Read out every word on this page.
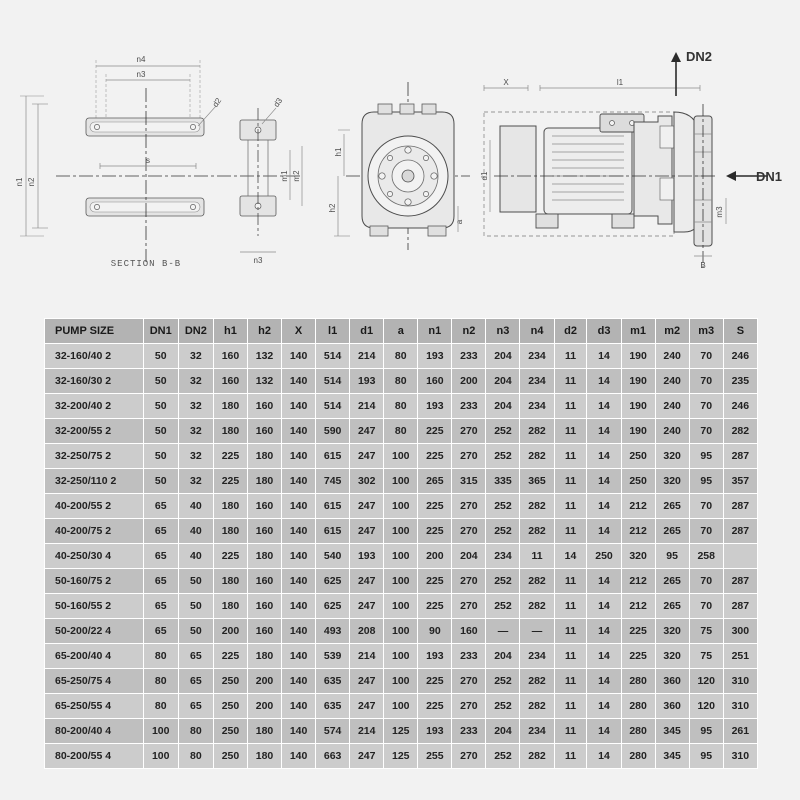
n4
n3
n1 n2
d2	d3
s
m1 m2
n3
SECTION B-B
h1
h2
a
X	l1
d1
m3
B
DN2
DN1
PUMP SIZE	DN1	DN2	h1	h2	X	l1	d1	a	n1	n2	n3	n4	d2	d3	m1	m2	m3	S
32-160/40 2	50	32	160	132	140	514	214	80	193	233	204	234	11	14	190	240	70	246
32-160/30 2	50	32	160	132	140	514	193	80	160	200	204	234	11	14	190	240	70	235
32-200/40 2	50	32	180	160	140	514	214	80	193	233	204	234	11	14	190	240	70	246
32-200/55 2	50	32	180	160	140	590	247	80	225	270	252	282	11	14	190	240	70	282
32-250/75 2	50	32	225	180	140	615	247	100	225	270	252	282	11	14	250	320	95	287
32-250/110 2	50	32	225	180	140	745	302	100	265	315	335	365	11	14	250	320	95	357
40-200/55 2	65	40	180	160	140	615	247	100	225	270	252	282	11	14	212	265	70	287
40-200/75 2	65	40	180	160	140	615	247	100	225	270	252	282	11	14	212	265	70	287
40-250/30 4	65	40	225	180	140	540	193	100	200	204	234	11	14	250	320	95	258	
50-160/75 2	65	50	180	160	140	625	247	100	225	270	252	282	11	14	212	265	70	287
50-160/55 2	65	50	180	160	140	625	247	100	225	270	252	282	11	14	212	265	70	287
50-200/22 4	65	50	200	160	140	493	208	100	90	160	—	—	11	14	225	320	75	300
65-200/40 4	80	65	225	180	140	539	214	100	193	233	204	234	11	14	225	320	75	251
65-250/75 4	80	65	250	200	140	635	247	100	225	270	252	282	11	14	280	360	120	310
65-250/55 4	80	65	250	200	140	635	247	100	225	270	252	282	11	14	280	360	120	310
80-200/40 4	100	80	250	180	140	574	214	125	193	233	204	234	11	14	280	345	95	261
80-200/55 4	100	80	250	180	140	663	247	125	255	270	252	282	11	14	280	345	95	310
